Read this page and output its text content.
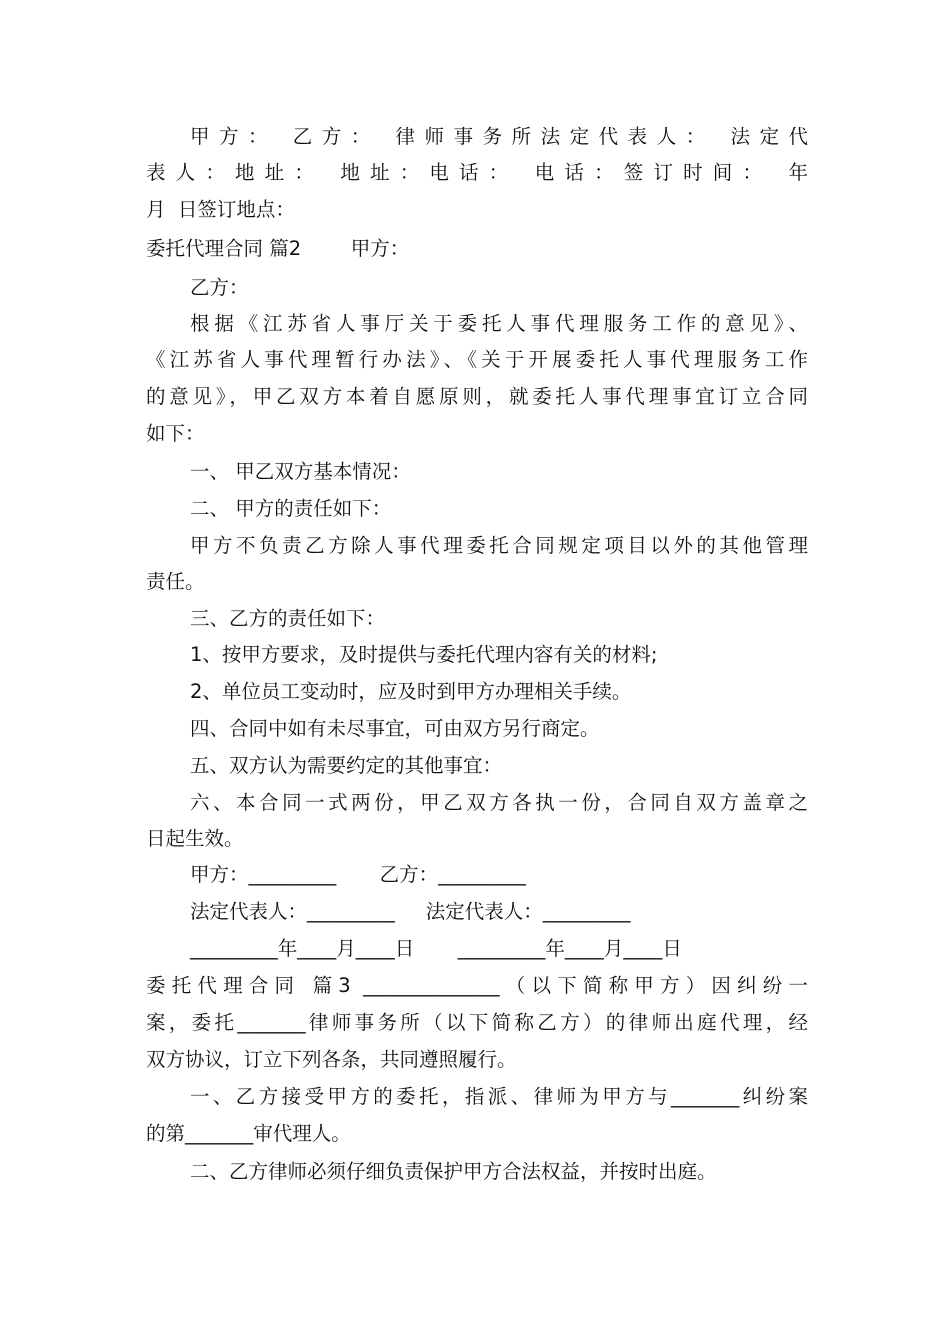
甲方： 乙方： 律师事务所法定代表人： 法定代
表人：地址： 地址：电话： 电话：签订时间： 年
月  日签订地点：
委托代理合同 篇2        甲方：
乙方：
根据《江苏省人事厅关于委托人事代理服务工作的意见》、
《江苏省人事代理暂行办法》、《关于开展委托人事代理服务工作
的意见》，甲乙双方本着自愿原则，就委托人事代理事宜订立合同
如下：
一、 甲乙双方基本情况：
二、 甲方的责任如下：
甲方不负责乙方除人事代理委托合同规定项目以外的其他管理
责任。
三、乙方的责任如下：
1、按甲方要求，及时提供与委托代理内容有关的材料;
2、单位员工变动时，应及时到甲方办理相关手续。
四、合同中如有未尽事宜，可由双方另行商定。
五、双方认为需要约定的其他事宜：
六、本合同一式两份，甲乙双方各执一份，合同自双方盖章之
日起生效。
甲方：_________       乙方：_________
法定代表人：_________     法定代表人：_________
_________年____月____日       _________年____月____日
委托代理合同 篇3 ______________（以下简称甲方）因纠纷一
案，委托_______律师事务所（以下简称乙方）的律师出庭代理，经
双方协议，订立下列各条，共同遵照履行。
一、乙方接受甲方的委托，指派、律师为甲方与_______纠纷案
的第_______审代理人。
二、乙方律师必须仔细负责保护甲方合法权益，并按时出庭。
